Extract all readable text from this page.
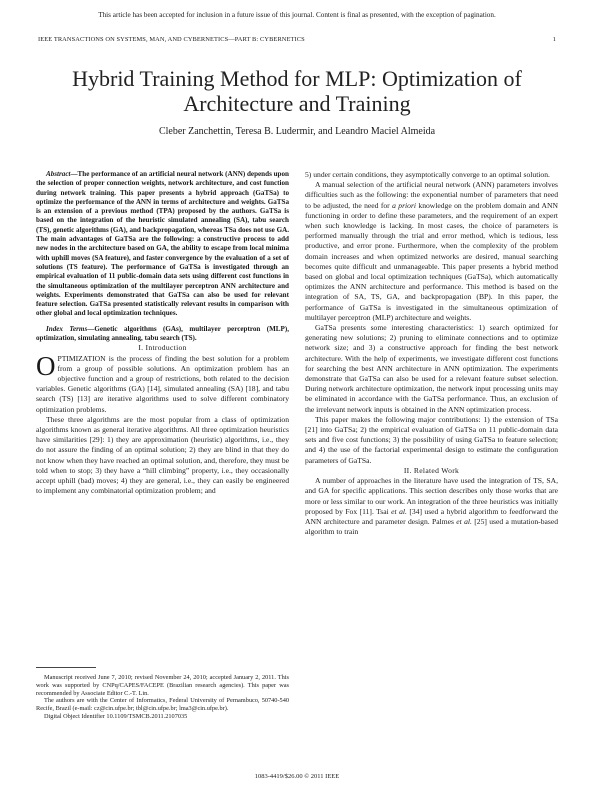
This article has been accepted for inclusion in a future issue of this journal. Content is final as presented, with the exception of pagination.
IEEE TRANSACTIONS ON SYSTEMS, MAN, AND CYBERNETICS—PART B: CYBERNETICS	1
Hybrid Training Method for MLP: Optimization of Architecture and Training
Cleber Zanchettin, Teresa B. Ludermir, and Leandro Maciel Almeida

Abstract—The performance of an artificial neural network (ANN) depends upon the selection of proper connection weights, network architecture, and cost function during network training. This paper presents a hybrid approach (GaTSa) to optimize the performance of the ANN in terms of architecture and weights. GaTSa is an extension of a previous method (TPA) proposed by the authors. GaTSa is based on the integration of the heuristic simulated annealing (SA), tabu search (TS), genetic algorithms (GA), and backpropagation, whereas TSa does not use GA. The main advantages of GaTSa are the following: a constructive process to add new nodes in the architecture based on GA, the ability to escape from local minima with uphill moves (SA feature), and faster convergence by the evaluation of a set of solutions (TS feature). The performance of GaTSa is investigated through an empirical evaluation of 11 public-domain data sets using different cost functions in the simultaneous optimization of the multilayer perceptron ANN architecture and weights. Experiments demonstrated that GaTSa can also be used for relevant feature selection. GaTSa presented statistically relevant results in comparison with other global and local optimization techniques.

Index Terms—Genetic algorithms (GAs), multilayer perceptron (MLP), optimization, simulating annealing, tabu search (TS).

I. Introduction

OPTIMIZATION is the process of finding the best solution for a problem from a group of possible solutions. An optimization problem has an objective function and a group of restrictions, both related to the decision variables. Genetic algorithms (GA) [14], simulated annealing (SA) [18], and tabu search (TS) [13] are iterative algorithms used to solve different combinatory optimization problems.

These three algorithms are the most popular from a class of optimization algorithms known as general iterative algorithms. All three optimization heuristics have similarities [29]: 1) they are approximation (heuristic) algorithms, i.e., they do not assure the finding of an optimal solution; 2) they are blind in that they do not know when they have reached an optimal solution, and, therefore, they must be told when to stop; 3) they have a “hill climbing” property, i.e., they occasionally accept uphill (bad) moves; 4) they are general, i.e., they can easily be engineered to implement any combinatorial optimization problem; and

Manuscript received June 7, 2010; revised November 24, 2010; accepted January 2, 2011. This work was supported by CNPq/CAPES/FACEPE (Brazilian research agencies). This paper was recommended by Associate Editor C.-T. Lin.

The authors are with the Center of Informatics, Federal University of Pernambuco, 50740-540 Recife, Brazil (e-mail: cz@cin.ufpe.br; tbl@cin.ufpe.br; lma3@cin.ufpe.br).

Digital Object Identifier 10.1109/TSMCB.2011.2107035

5) under certain conditions, they asymptotically converge to an optimal solution.

A manual selection of the artificial neural network (ANN) parameters involves difficulties such as the following: the exponential number of parameters that need to be adjusted, the need for a priori knowledge on the problem domain and ANN functioning in order to define these parameters, and the requirement of an expert when such knowledge is lacking. In most cases, the choice of parameters is performed manually through the trial and error method, which is tedious, less productive, and error prone. Furthermore, when the complexity of the problem domain increases and when optimized networks are desired, manual searching becomes quite difficult and unmanageable. This paper presents a hybrid method based on global and local optimization techniques (GaTSa), which automatically optimizes the ANN architecture and performance. This method is based on the integration of SA, TS, GA, and backpropagation (BP). In this paper, the performance of GaTSa is investigated in the simultaneous optimization of multilayer perceptron (MLP) architecture and weights.

GaTSa presents some interesting characteristics: 1) search optimized for generating new solutions; 2) pruning to eliminate connections and to optimize network size; and 3) a constructive approach for finding the best network architecture. With the help of experiments, we investigate different cost functions for searching the best ANN architecture in ANN optimization. The experiments demonstrate that GaTSa can also be used for a relevant feature subset selection. During network architecture optimization, the network input processing units may be eliminated in accordance with the GaTSa performance. Thus, an exclusion of the irrelevant network inputs is obtained in the ANN optimization process.

This paper makes the following major contributions: 1) the extension of TSa [21] into GaTSa; 2) the empirical evaluation of GaTSa on 11 public-domain data sets and five cost functions; 3) the possibility of using GaTSa to feature selection; and 4) the use of the factorial experimental design to estimate the configuration parameters of GaTSa.

II. Related Work

A number of approaches in the literature have used the integration of TS, SA, and GA for specific applications. This section describes only those works that are more or less similar to our work. An integration of the three heuristics was initially proposed by Fox [11]. Tsai et al. [34] used a hybrid algorithm to feedforward the ANN architecture and parameter design. Palmes et al. [25] used a mutation-based algorithm to train

1083-4419/$26.00 © 2011 IEEE
